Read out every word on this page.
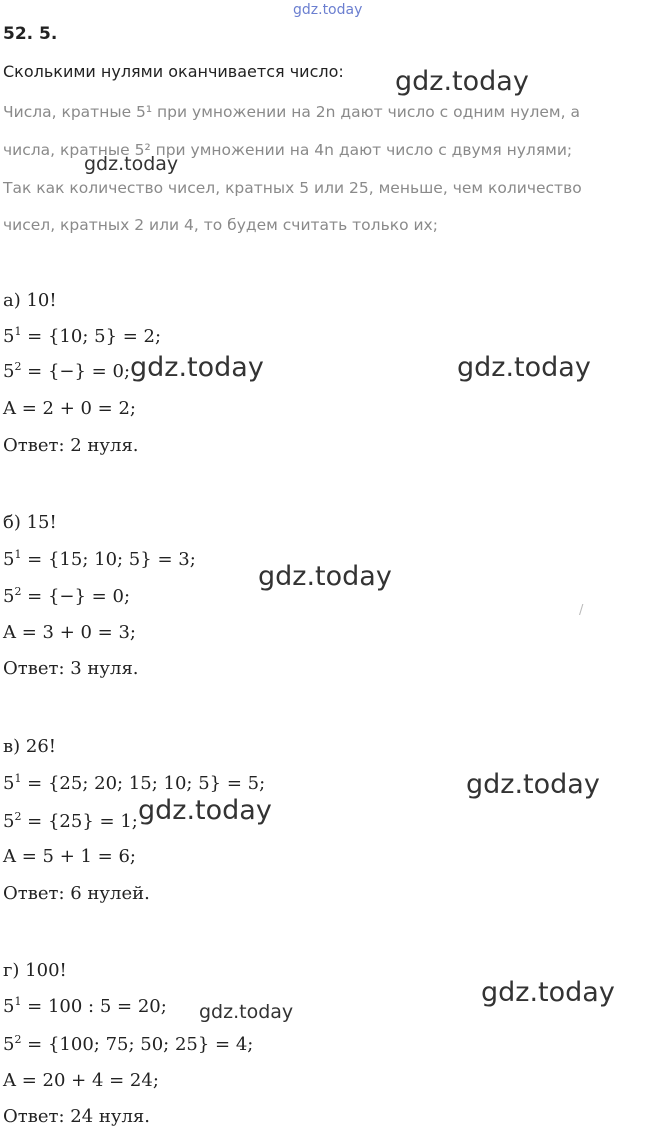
gdz.today
52. 5.
Сколькими нулями оканчивается число:
Числа, кратные 5¹ при умножении на 2n дают число с одним нулем, а
числа, кратные 5² при умножении на 4n дают число с двумя нулями;
Так как количество чисел, кратных 5 или 25, меньше, чем количество
чисел, кратных 2 или 4, то будем считать только их;
а) 10!
$5^1 = \{10$; 5} = 2;
$5^2$ = {−} = 0;
A = 2 + 0 = 2;
Ответ: 2 нуля.
б) 15!
$5^1 = \{15$; 10; 5} = 3;
$5^2$ = {−} = 0;
A = 3 + 0 = 3;
Ответ: 3 нуля.
в) 26!
$5^1 = \{25$; 20; 15; 10; 5} = 5;
$5^2 = \{25\} = 1$;
A = 5 + 1 = 6;
Ответ: 6 нулей.
г) 100!
$5^1 = 100$ : 5 = 20;
$5^2 = \{100$; 75; 50; 25} = 4;
A = 20 + 4 = 24;
Ответ: 24 нуля.
gdz.today
gdz.today
gdz.today	gdz.today
gdz.today
gdz.today
gdz.today
gdz.today
gdz.today
/
